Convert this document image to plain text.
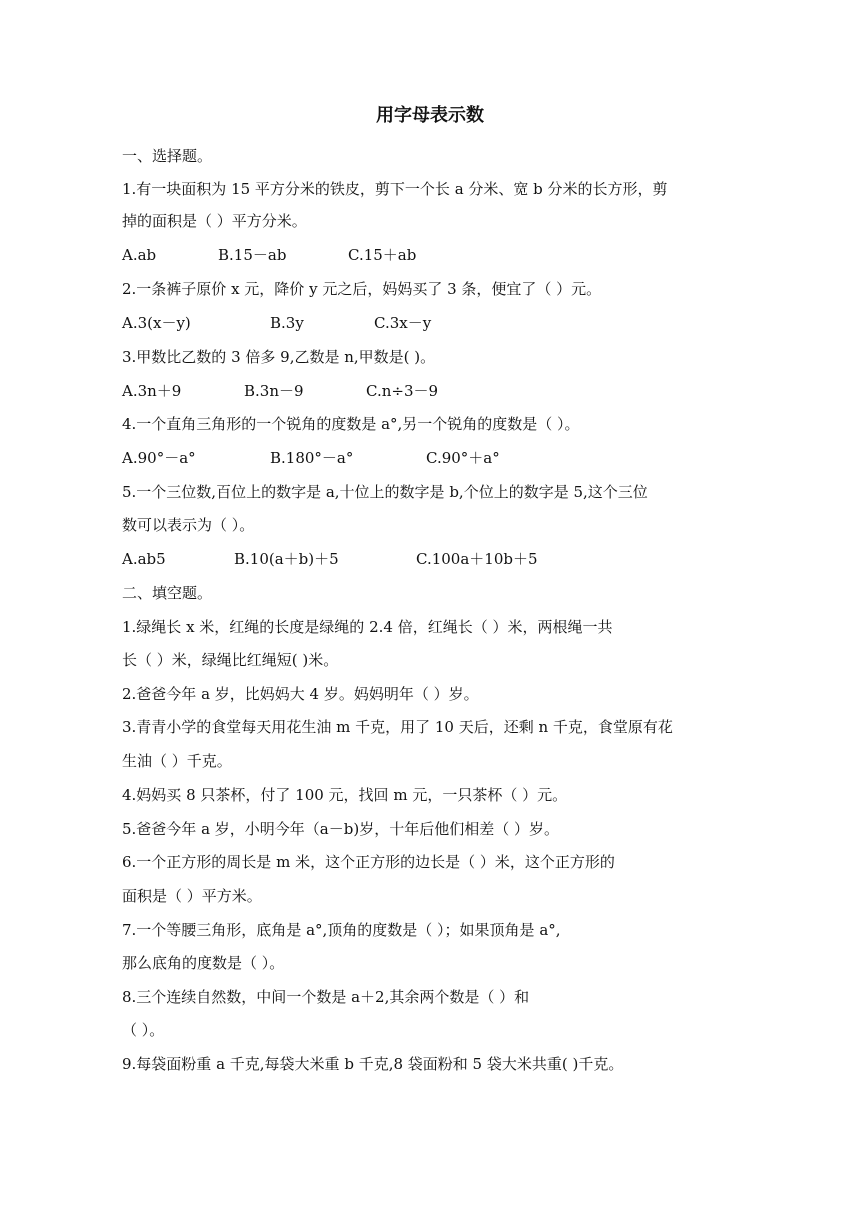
用字母表示数
一、选择题。
1.有一块面积为 15 平方分米的铁皮，剪下一个长 a 分米、宽 b 分米的长方形，剪
掉的面积是（ ）平方分米。
A.ab	B.15－ab	C.15＋ab
2.一条裤子原价 x 元，降价 y 元之后，妈妈买了 3 条，便宜了（ ）元。
A.3(x－y)	B.3y	C.3x－y
3.甲数比乙数的 3 倍多 9,乙数是 n,甲数是( )。
A.3n＋9	B.3n－9	C.n÷3－9
4.一个直角三角形的一个锐角的度数是 a°,另一个锐角的度数是（ ）。
A.90°－a°	B.180°－a°	C.90°＋a°
5.一个三位数,百位上的数字是 a,十位上的数字是 b,个位上的数字是 5,这个三位
数可以表示为（ ）。
A.ab5	B.10(a＋b)＋5	C.100a＋10b＋5
二、填空题。
1.绿绳长 x 米，红绳的长度是绿绳的 2.4 倍，红绳长（ ）米，两根绳一共
长（ ）米，绿绳比红绳短( )米。
2.爸爸今年 a 岁，比妈妈大 4 岁。妈妈明年（ ）岁。
3.青青小学的食堂每天用花生油 m 千克，用了 10 天后，还剩 n 千克，食堂原有花
生油（ ）千克。
4.妈妈买 8 只茶杯，付了 100 元，找回 m 元，一只茶杯（ ）元。
5.爸爸今年 a 岁，小明今年（a－b)岁，十年后他们相差（ ）岁。
6.一个正方形的周长是 m 米，这个正方形的边长是（ ）米，这个正方形的
面积是（ ）平方米。
7.一个等腰三角形，底角是 a°,顶角的度数是（ ）；如果顶角是 a°,
那么底角的度数是（ ）。
8.三个连续自然数，中间一个数是 a＋2,其余两个数是（ ）和
（ ）。
9.每袋面粉重 a 千克,每袋大米重 b 千克,8 袋面粉和 5 袋大米共重( )千克。
